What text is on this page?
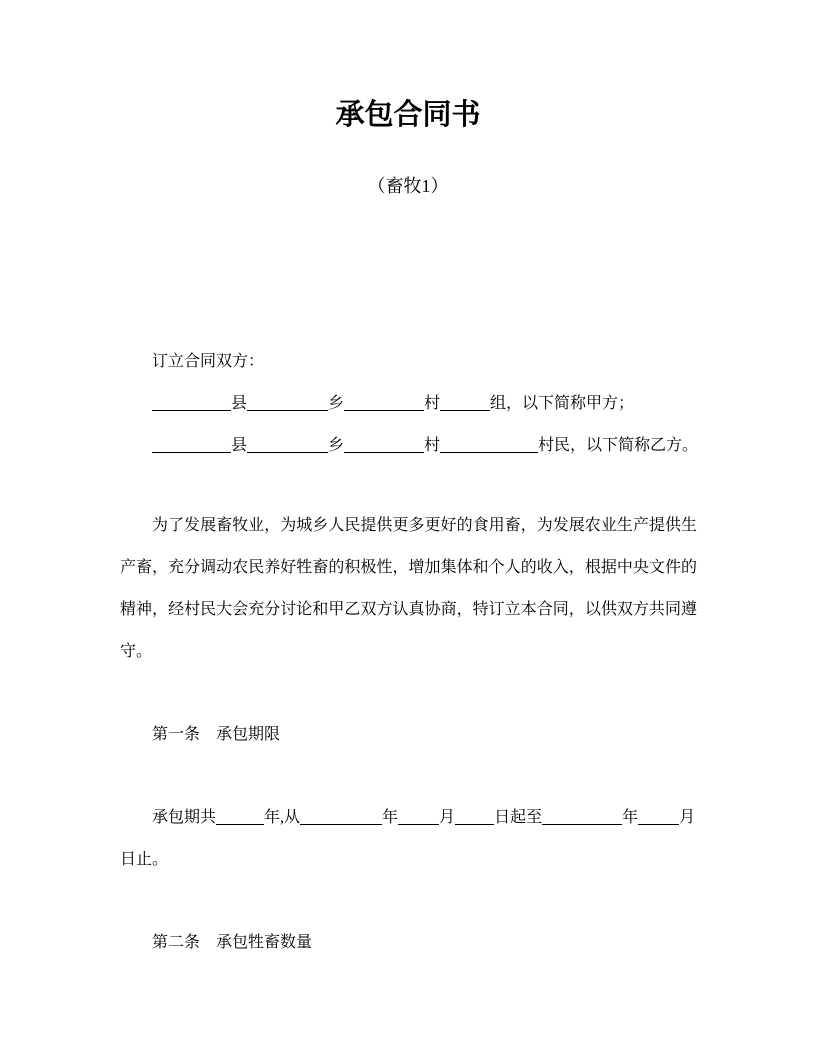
承包合同书
（畜牧1）
订立合同双方：
县	乡	村	组，以下简称甲方；
县	乡	村	村民，以下简称乙方。

为了发展畜牧业，为城乡人民提供更多更好的食用畜，为发展农业生产提供生产畜，充分调动农民养好牲畜的积极性，增加集体和个人的收入，根据中央文件的精神，经村民大会充分讨论和甲乙双方认真协商，特订立本合同，以供双方共同遵守。

第一条　承包期限
承包期共	年,从	年	月 日起至	年	月
日止。
第二条　承包牲畜数量
